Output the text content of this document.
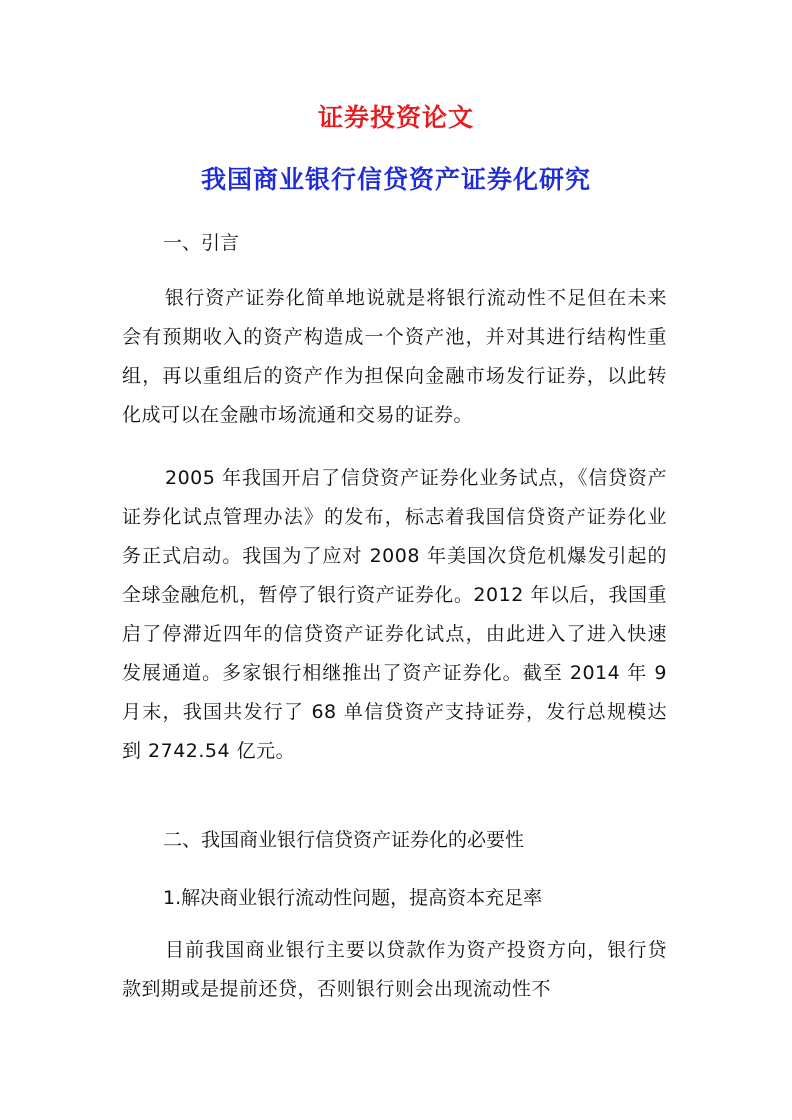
证券投资论文
我国商业银行信贷资产证券化研究

一、引言

银行资产证券化简单地说就是将银行流动性不足但在未来会有预期收入的资产构造成一个资产池，并对其进行结构性重组，再以重组后的资产作为担保向金融市场发行证券，以此转化成可以在金融市场流通和交易的证券。

2005 年我国开启了信贷资产证券化业务试点，《信贷资产证券化试点管理办法》的发布，标志着我国信贷资产证券化业务正式启动。我国为了应对 2008 年美国次贷危机爆发引起的全球金融危机，暂停了银行资产证券化。2012 年以后，我国重启了停滞近四年的信贷资产证券化试点，由此进入了进入快速发展通道。多家银行相继推出了资产证券化。截至 2014 年 9 月末，我国共发行了 68 单信贷资产支持证券，发行总规模达到 2742.54 亿元。

二、我国商业银行信贷资产证券化的必要性

1.解决商业银行流动性问题，提高资本充足率

目前我国商业银行主要以贷款作为资产投资方向，银行贷款到期或是提前还贷，否则银行则会出现流动性不
